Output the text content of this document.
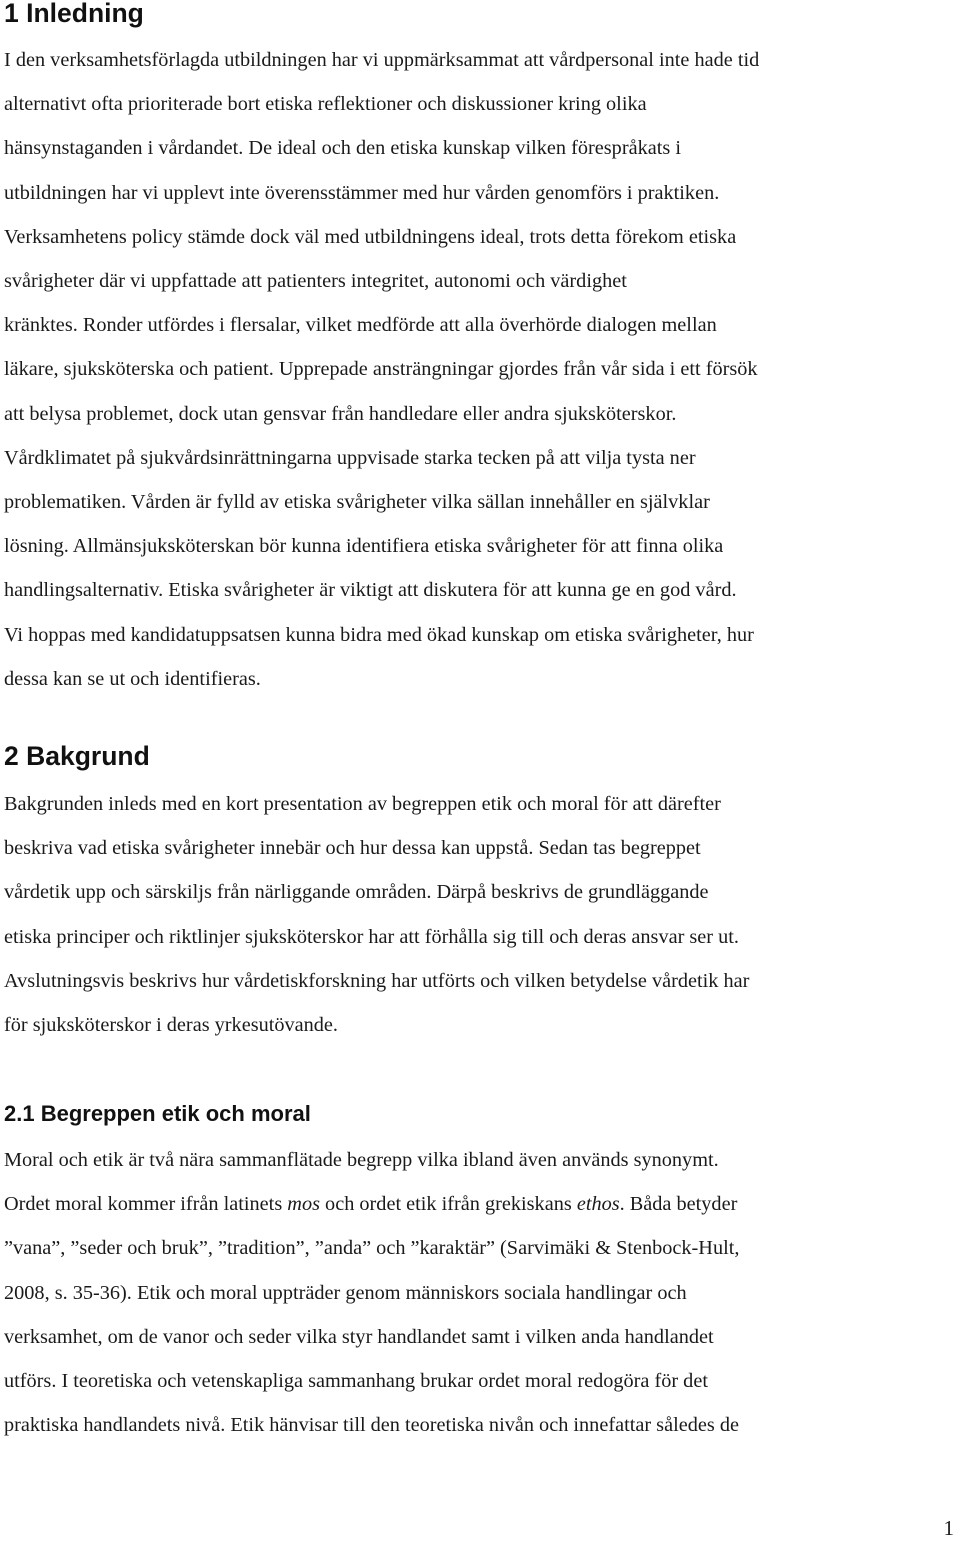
1 Inledning

I den verksamhetsförlagda utbildningen har vi uppmärksammat att vårdpersonal inte hade tid
alternativt ofta prioriterade bort etiska reflektioner och diskussioner kring olika
hänsynstaganden i vårdandet. De ideal och den etiska kunskap vilken förespråkats i
utbildningen har vi upplevt inte överensstämmer med hur vården genomförs i praktiken.
Verksamhetens policy stämde dock väl med utbildningens ideal, trots detta förekom etiska
svårigheter där vi uppfattade att patienters integritet, autonomi och värdighet
kränktes. Ronder utfördes i flersalar, vilket medförde att alla överhörde dialogen mellan
läkare, sjuksköterska och patient. Upprepade ansträngningar gjordes från vår sida i ett försök
att belysa problemet, dock utan gensvar från handledare eller andra sjuksköterskor.
Vårdklimatet på sjukvårdsinrättningarna uppvisade starka tecken på att vilja tysta ner
problematiken. Vården är fylld av etiska svårigheter vilka sällan innehåller en självklar
lösning. Allmänsjuksköterskan bör kunna identifiera etiska svårigheter för att finna olika
handlingsalternativ. Etiska svårigheter är viktigt att diskutera för att kunna ge en god vård.
Vi hoppas med kandidatuppsatsen kunna bidra med ökad kunskap om etiska svårigheter, hur
dessa kan se ut och identifieras.

2 Bakgrund

Bakgrunden inleds med en kort presentation av begreppen etik och moral för att därefter
beskriva vad etiska svårigheter innebär och hur dessa kan uppstå. Sedan tas begreppet
vårdetik upp och särskiljs från närliggande områden. Därpå beskrivs de grundläggande
etiska principer och riktlinjer sjuksköterskor har att förhålla sig till och deras ansvar ser ut.
Avslutningsvis beskrivs hur vårdetiskforskning har utförts och vilken betydelse vårdetik har
för sjuksköterskor i deras yrkesutövande.

2.1 Begreppen etik och moral

Moral och etik är två nära sammanflätade begrepp vilka ibland även används synonymt.
Ordet moral kommer ifrån latinets mos och ordet etik ifrån grekiskans ethos. Båda betyder
”vana”, ”seder och bruk”, ”tradition”, ”anda” och ”karaktär” (Sarvimäki & Stenbock-Hult,
2008, s. 35-36). Etik och moral uppträder genom människors sociala handlingar och
verksamhet, om de vanor och seder vilka styr handlandet samt i vilken anda handlandet
utförs. I teoretiska och vetenskapliga sammanhang brukar ordet moral redogöra för det
praktiska handlandets nivå. Etik hänvisar till den teoretiska nivån och innefattar således de

1
